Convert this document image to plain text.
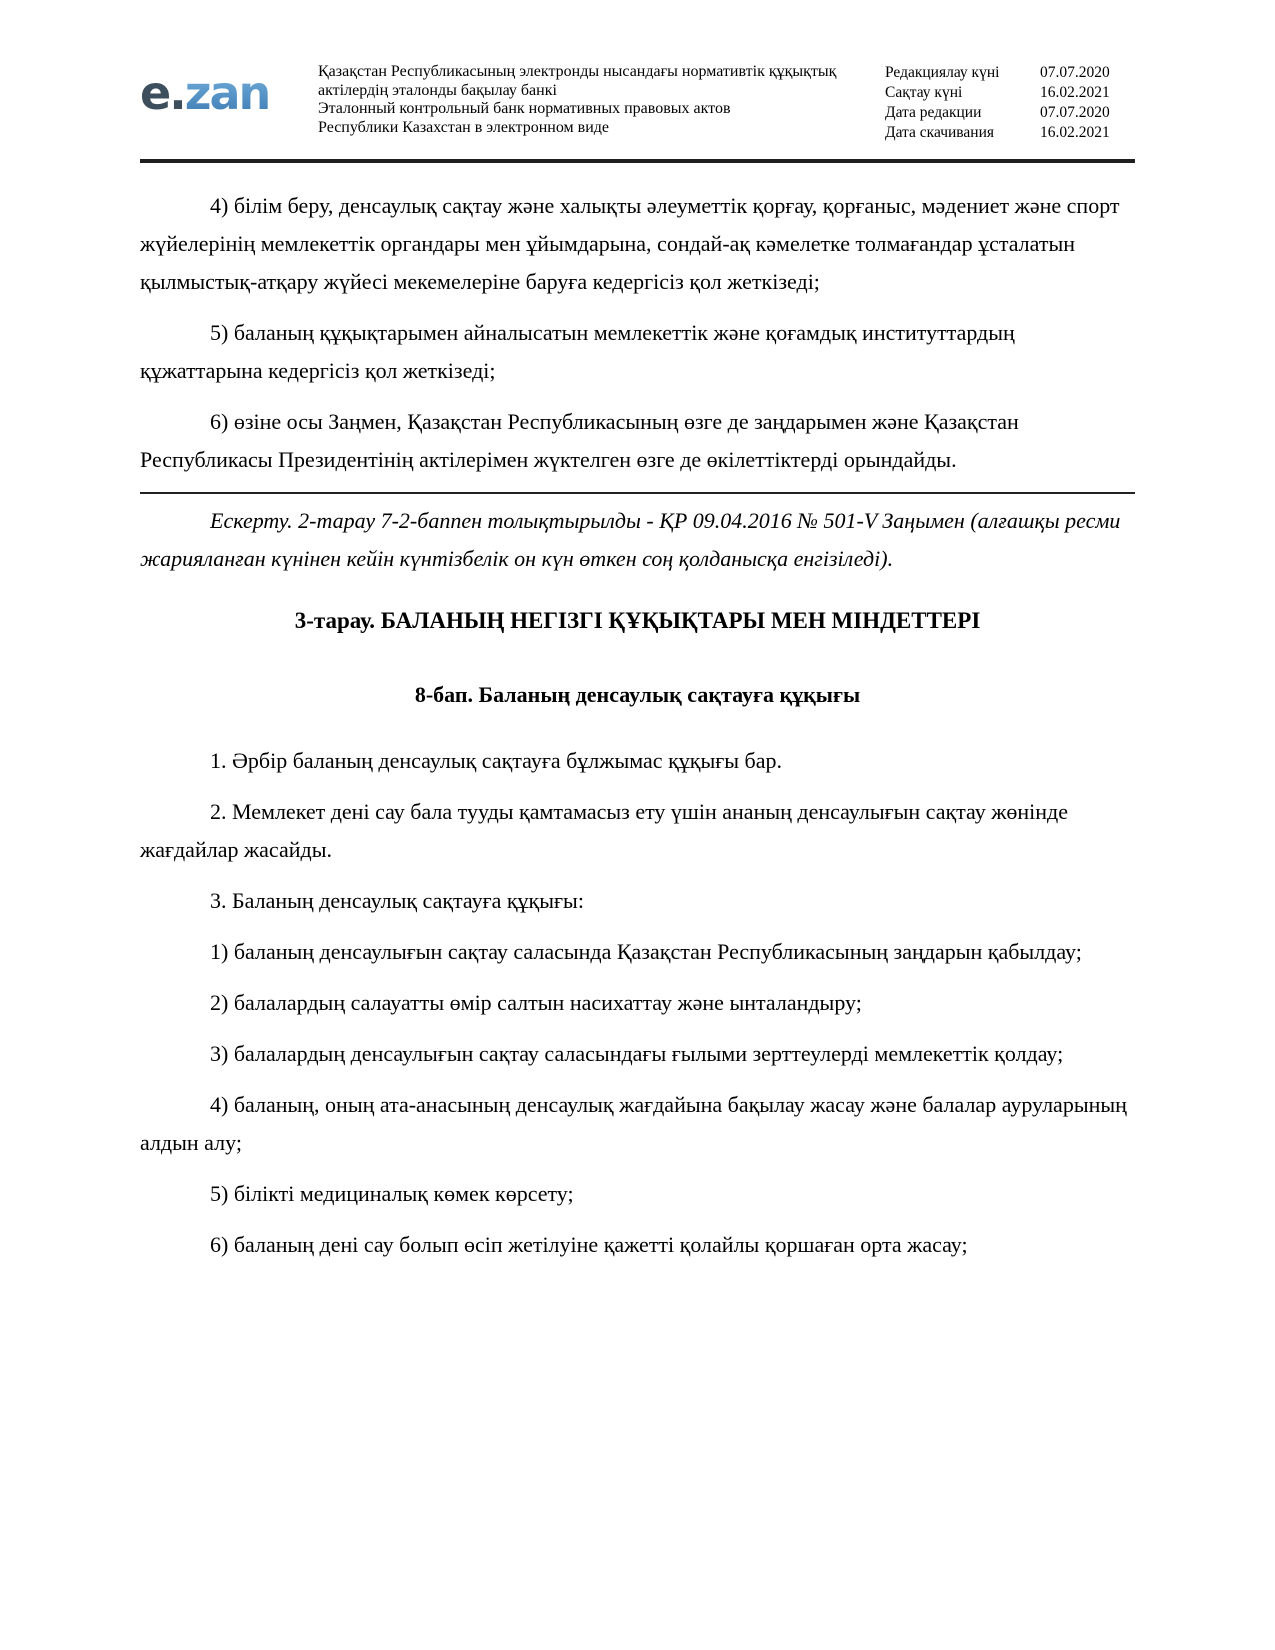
e.zan	Қазақстан Республикасының электронды нысандағы нормативтік құқықтық
актілердің эталонды бақылау банкі
Эталонный контрольный банк нормативных правовых актов
Республики Казахстан в электронном виде
Редакциялау күні	07.07.2020
Сақтау күні	16.02.2021
Дата редакции	07.07.2020
Дата скачивания	16.02.2021

4) білім беру, денсаулық сақтау және халықты әлеуметтік қорғау, қорғаныс, мәдениет және спорт жүйелерінің мемлекеттік органдары мен ұйымдарына, сондай-ақ кәмелетке толмағандар ұсталатын қылмыстық-атқару жүйесі мекемелеріне баруға кедергісіз қол жеткізеді;

5) баланың құқықтарымен айналысатын мемлекеттік және қоғамдық институттардың құжаттарына кедергісіз қол жеткізеді;

6) өзіне осы Заңмен, Қазақстан Республикасының өзге де заңдарымен және Қазақстан Республикасы Президентінің актілерімен жүктелген өзге де өкілеттіктерді орындайды.

Ескерту. 2-тарау 7-2-баппен толықтырылды - ҚР 09.04.2016 № 501-V Заңымен (алғашқы ресми жарияланған күнінен кейін күнтізбелік он күн өткен соң қолданысқа енгізіледі).

3-тарау. БАЛАНЫҢ НЕГІЗГІ ҚҰҚЫҚТАРЫ МЕН МІНДЕТТЕРІ
8-бап. Баланың денсаулық сақтауға құқығы

1. Әрбір баланың денсаулық сақтауға бұлжымас құқығы бар.

2. Мемлекет дені сау бала тууды қамтамасыз ету үшін ананың денсаулығын сақтау жөнінде жағдайлар жасайды.

3. Баланың денсаулық сақтауға құқығы:

1) баланың денсаулығын сақтау саласында Қазақстан Республикасының заңдарын қабылдау;

2) балалардың салауатты өмір салтын насихаттау және ынталандыру;

3) балалардың денсаулығын сақтау саласындағы ғылыми зерттеулерді мемлекеттік қолдау;

4) баланың, оның ата-анасының денсаулық жағдайына бақылау жасау және балалар ауруларының алдын алу;

5) білікті медициналық көмек көрсету;

6) баланың дені сау болып өсіп жетілуіне қажетті қолайлы қоршаған орта жасау;
